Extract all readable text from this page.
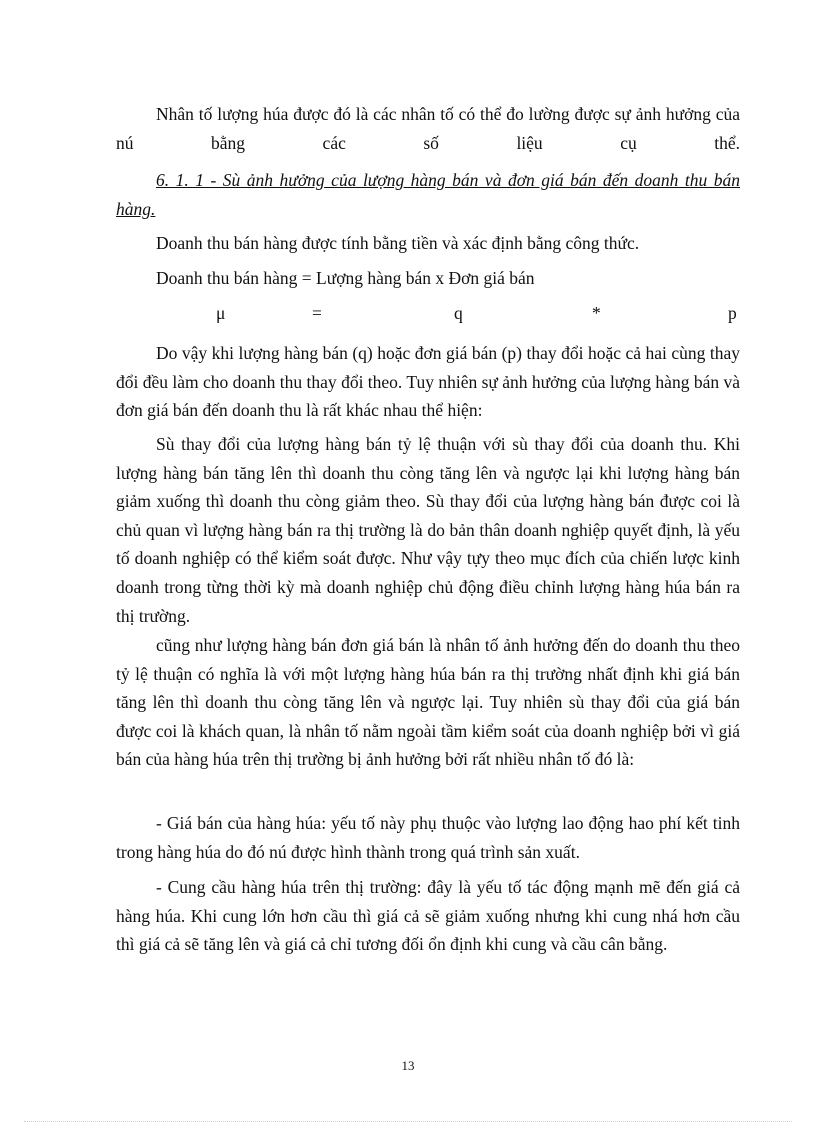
Nhân tố lượng húa được đó là các nhân tố có thể đo lường được sự ảnh hưởng của nú bằng các số liệu cụ thể.

6. 1. 1 - Sù ảnh hưởng của lượng hàng bán và đơn giá bán đến doanh thu bán hàng.

Doanh thu bán hàng được tính bằng tiền và xác định bằng công thức.

Doanh thu bán hàng = Lượng hàng bán x Đơn giá bán

μ	=	q	*	p

Do vậy khi lượng hàng bán (q) hoặc đơn giá bán (p) thay đổi hoặc cả hai cùng thay đổi đều làm cho doanh thu thay đổi theo. Tuy nhiên sự ảnh hưởng của lượng hàng bán và đơn giá bán đến doanh thu là rất khác nhau thể hiện:

Sù thay đổi của lượng hàng bán tỷ lệ thuận với sù thay đổi của doanh thu. Khi lượng hàng bán tăng lên thì doanh thu còng tăng lên và ngược lại khi lượng hàng bán giảm xuống thì doanh thu còng giảm theo. Sù thay đổi của lượng hàng bán được coi là chủ quan vì lượng hàng bán ra thị trường là do bản thân doanh nghiệp quyết định, là yếu tố doanh nghiệp có thể kiểm soát được. Như vậy tựy theo mục đích của chiến lược kinh doanh trong từng thời kỳ mà doanh nghiệp chủ động điều chỉnh lượng hàng húa bán ra thị trường.

cũng như lượng hàng bán đơn giá bán là nhân tố ảnh hưởng đến do doanh thu theo tỷ lệ thuận có nghĩa là với một lượng hàng húa bán ra thị trường nhất định khi giá bán tăng lên thì doanh thu còng tăng lên và ngược lại. Tuy nhiên sù thay đổi của giá bán được coi là khách quan, là nhân tố nằm ngoài tầm kiểm soát của doanh nghiệp bởi vì giá bán của hàng húa trên thị trường bị ảnh hưởng bởi rất nhiều nhân tố đó là:

- Giá bán của hàng húa: yếu tố này phụ thuộc vào lượng lao động hao phí kết tinh trong hàng húa do đó nú được hình thành trong quá trình sản xuất.

- Cung cầu hàng húa trên thị trường: đây là yếu tố tác động mạnh mẽ đến giá cả hàng húa. Khi cung lớn hơn cầu thì giá cả sẽ giảm xuống nhưng khi cung nhá hơn cầu thì giá cả sẽ tăng lên và giá cả chỉ tương đối ổn định khi cung và cầu cân bằng.

13
